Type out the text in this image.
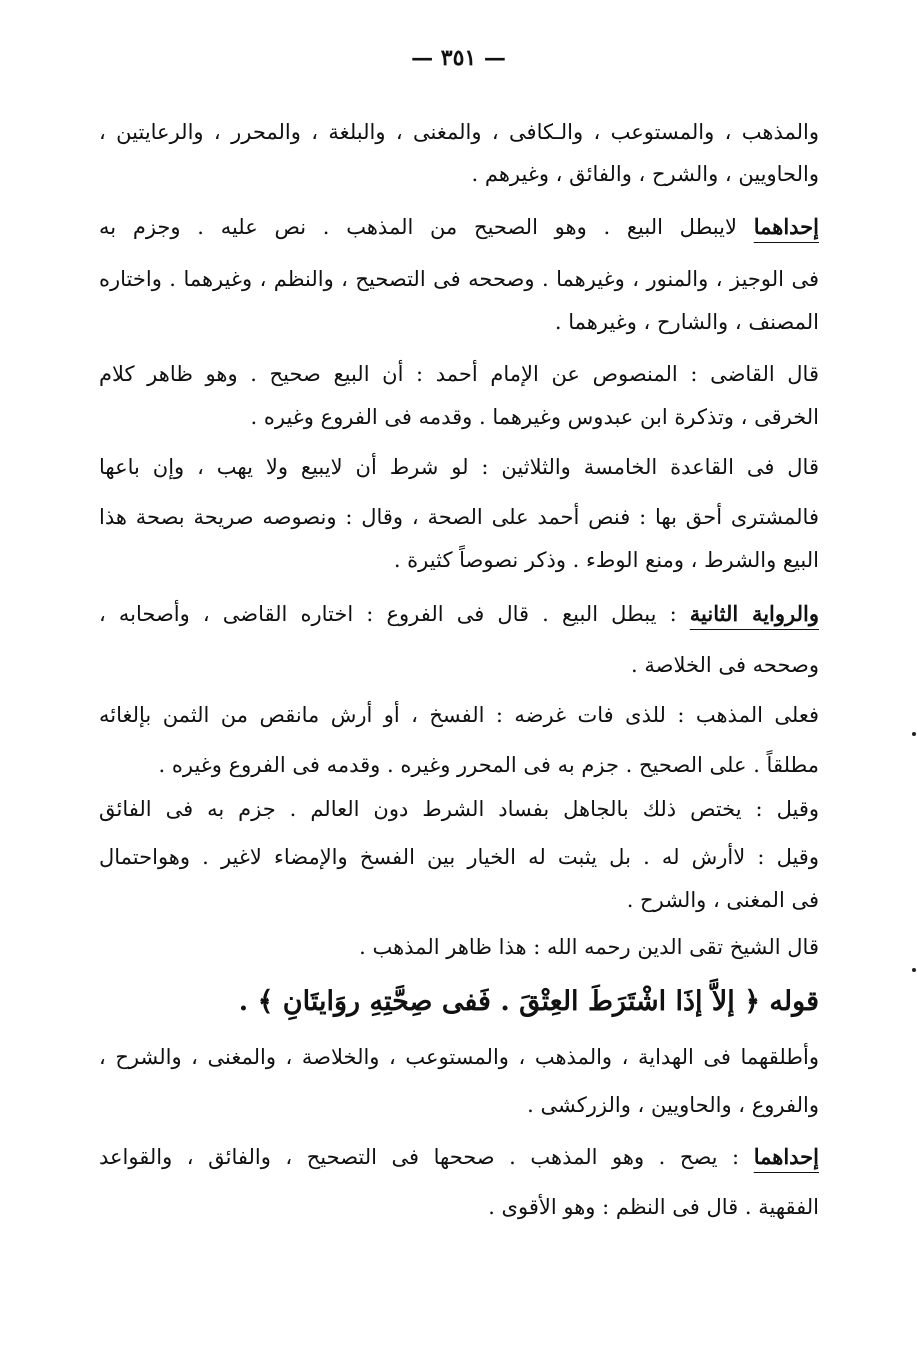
— ٣٥١ —
والمذهب ، والمستوعب ، والـكافى ، والمغنى ، والبلغة ، والمحرر ، والرعايتين ،
والحاويين ، والشرح ، والفائق ، وغيرهم .
إحداهما لايبطل البيع . وهو الصحيح من المذهب . نص عليه . وجزم به
فى الوجيز ، والمنور ، وغيرهما . وصححه فى التصحيح ، والنظم ، وغيرهما . واختاره
المصنف ، والشارح ، وغيرهما .
قال القاضى : المنصوص عن الإمام أحمد : أن البيع صحيح . وهو ظاهر كلام
الخرقى ، وتذكرة ابن عبدوس وغيرهما . وقدمه فى الفروع وغيره .
قال فى القاعدة الخامسة والثلاثين : لو شرط أن لايبيع ولا يهب ، وإن باعها
فالمشترى أحق بها : فنص أحمد على الصحة ، وقال : ونصوصه صريحة بصحة هذا
البيع والشرط ، ومنع الوطء . وذكر نصوصاً كثيرة .
والرواية الثانية : يبطل البيع . قال فى الفروع : اختاره القاضى ، وأصحابه ،
وصححه فى الخلاصة .
فعلى المذهب : للذى فات غرضه : الفسخ ، أو أرش مانقص من الثمن بإلغائه
مطلقاً . على الصحيح . جزم به فى المحرر وغيره . وقدمه فى الفروع وغيره .
وقيل : يختص ذلك بالجاهل بفساد الشرط دون العالم . جزم به فى الفائق
وقيل : لاأرش له . بل يثبت له الخيار بين الفسخ والإمضاء لاغير . وهواحتمال
فى المغنى ، والشرح .
قال الشيخ تقى الدين رحمه الله : هذا ظاهر المذهب .
قوله ﴿ إلاَّ إذَا اشْتَرَطَ العِتْقَ . فَفى صِحَّتِهِ روَايتَانِ ﴾ .
وأطلقهما فى الهداية ، والمذهب ، والمستوعب ، والخلاصة ، والمغنى ، والشرح ،
والفروع ، والحاويين ، والزركشى .
إحداهما : يصح . وهو المذهب . صححها فى التصحيح ، والفائق ، والقواعد
الفقهية . قال فى النظم : وهو الأقوى .
